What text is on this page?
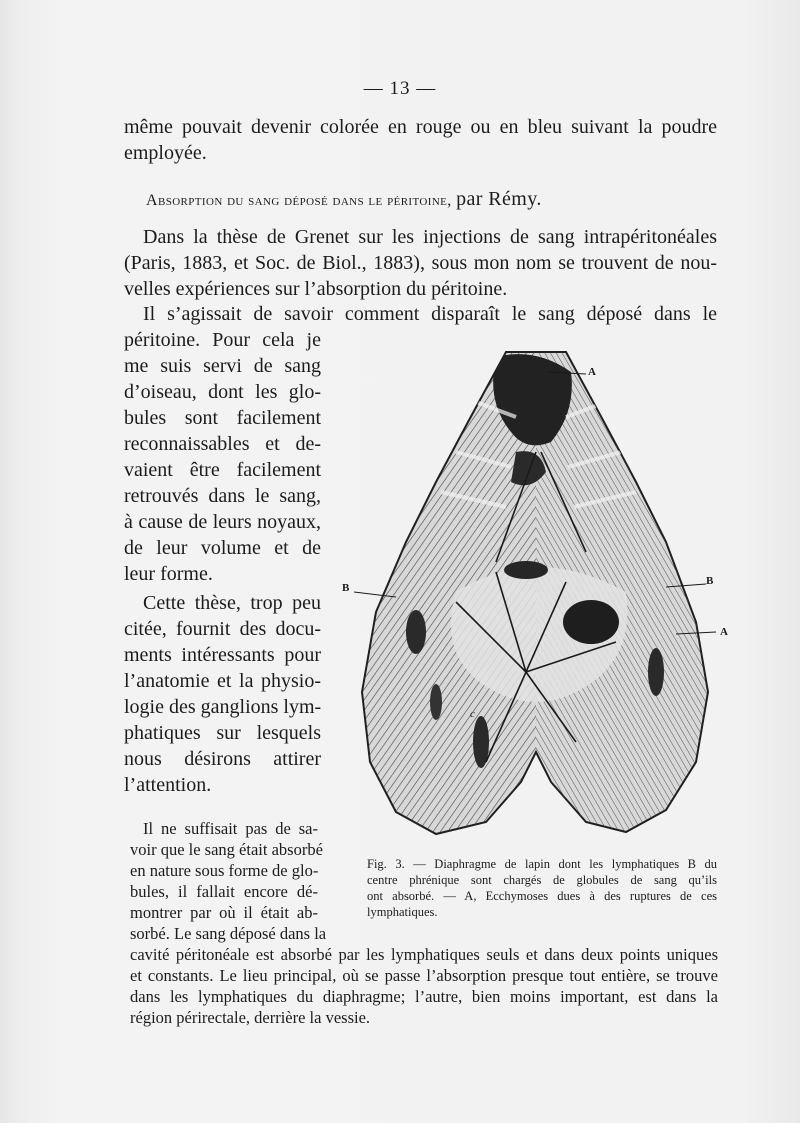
— 13 —
même pouvait devenir colorée en rouge ou en bleu suivant la poudre
employée.
Absorption du sang déposé dans le péritoine, par Rémy.
Dans la thèse de Grenet sur les injections de sang intrapéritonéales
(Paris, 1883, et Soc. de Biol., 1883), sous mon nom se trouvent de nou-
velles expériences sur l’absorption du péritoine.
Il s’agissait de savoir comment disparaît le sang déposé dans le
péritoine. Pour cela je
me suis servi de sang
d’oiseau, dont les glo-
bules sont facilement
reconnaissables et de-
vaient être facilement
retrouvés dans le sang,
à cause de leurs noyaux,
de leur volume et de
leur forme.
Cette thèse, trop peu
citée, fournit des docu-
ments intéressants pour
l’anatomie et la physio-
logie des ganglions lym-
phatiques sur lesquels
nous désirons attirer
l’attention.
Il ne suffisait pas de sa-
voir que le sang était absorbé
en nature sous forme de glo-
bules, il fallait encore dé-
montrer par où il était ab-
sorbé. Le sang déposé dans la
cavité péritonéale est absorbé par les lymphatiques seuls et dans deux points uniques
et constants. Le lieu principal, où se passe l’absorption presque tout entière, se trouve
dans les lymphatiques du diaphragme; l’autre, bien moins important, est dans la
région périrectale, derrière la vessie.
A
B
B
A
c
Fig. 3. — Diaphragme de lapin dont les lymphatiques B du
centre phrénique sont chargés de globules de sang qu’ils
ont absorbé. — A, Ecchymoses dues à des ruptures de ces
lymphatiques.
